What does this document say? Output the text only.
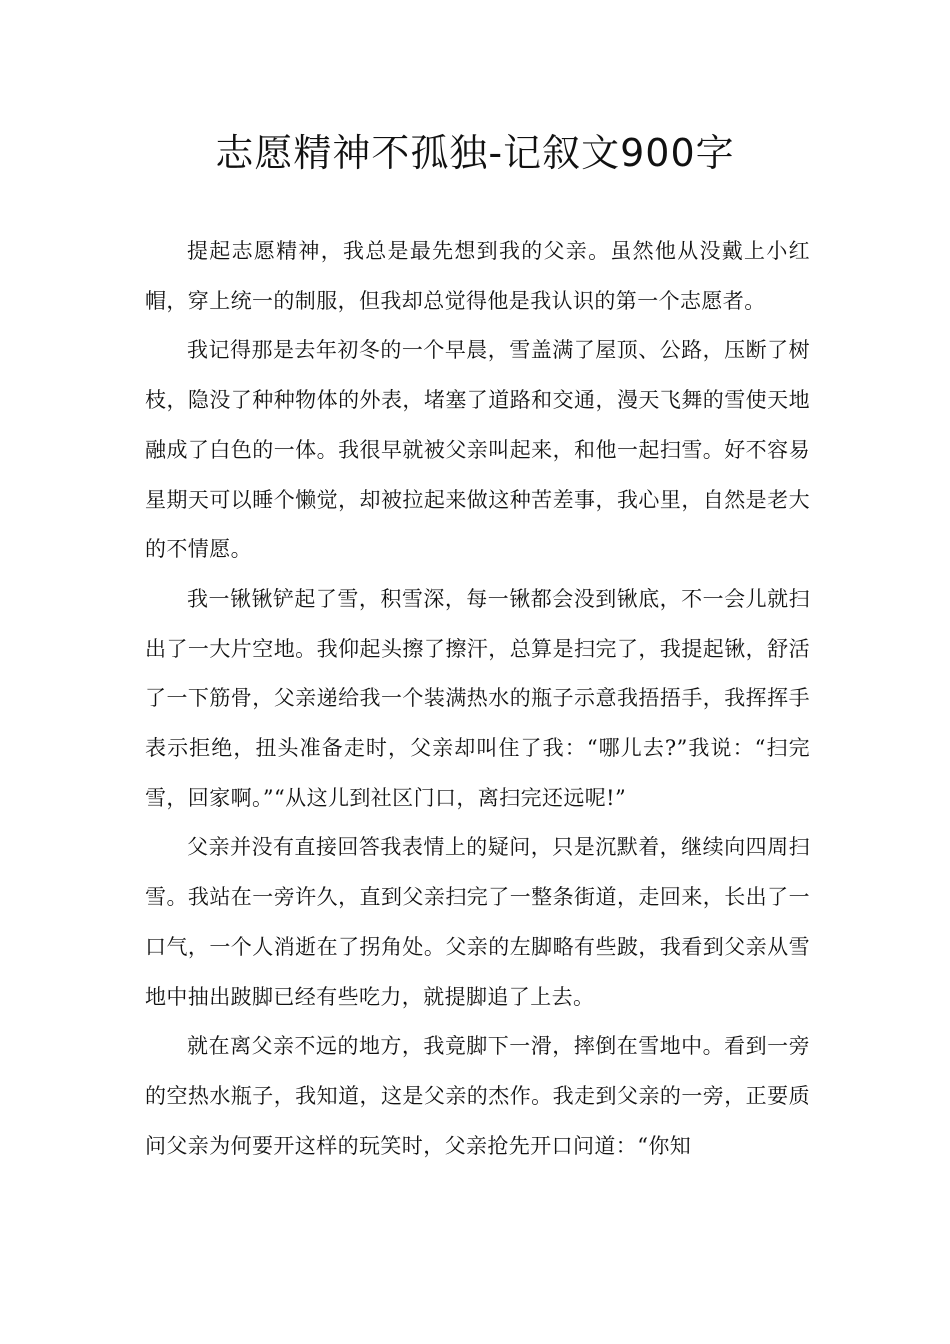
志愿精神不孤独-记叙文900字

提起志愿精神，我总是最先想到我的父亲。虽然他从没戴上小红帽，穿上统一的制服，但我却总觉得他是我认识的第一个志愿者。

我记得那是去年初冬的一个早晨，雪盖满了屋顶、公路，压断了树枝，隐没了种种物体的外表，堵塞了道路和交通，漫天飞舞的雪使天地融成了白色的一体。我很早就被父亲叫起来，和他一起扫雪。好不容易星期天可以睡个懒觉，却被拉起来做这种苦差事，我心里，自然是老大的不情愿。

我一锹锹铲起了雪，积雪深，每一锹都会没到锹底，不一会儿就扫出了一大片空地。我仰起头擦了擦汗，总算是扫完了，我提起锹，舒活了一下筋骨，父亲递给我一个装满热水的瓶子示意我捂捂手，我挥挥手表示拒绝，扭头准备走时，父亲却叫住了我：“哪儿去?”我说：“扫完雪，回家啊。”“从这儿到社区门口，离扫完还远呢!”

父亲并没有直接回答我表情上的疑问，只是沉默着，继续向四周扫雪。我站在一旁许久，直到父亲扫完了一整条街道，走回来，长出了一口气，一个人消逝在了拐角处。父亲的左脚略有些跛，我看到父亲从雪地中抽出跛脚已经有些吃力，就提脚追了上去。

就在离父亲不远的地方，我竟脚下一滑，摔倒在雪地中。看到一旁的空热水瓶子，我知道，这是父亲的杰作。我走到父亲的一旁，正要质问父亲为何要开这样的玩笑时，父亲抢先开口问道：“你知
